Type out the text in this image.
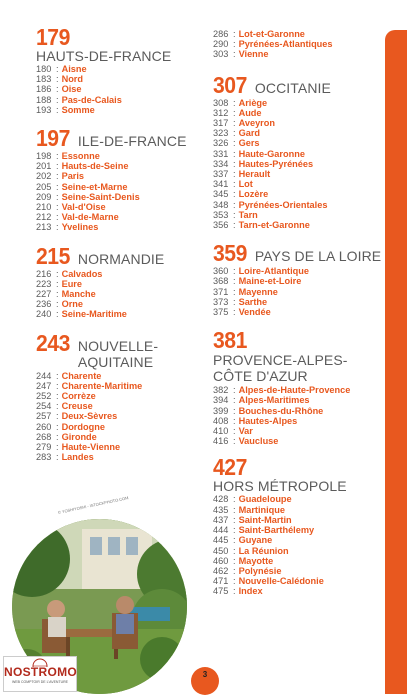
179
HAUTS-DE-FRANCE
180 : Aisne
183 : Nord
186 : Oise
188 : Pas-de-Calais
193 : Somme
197 ILE-DE-FRANCE
198 : Essonne
201 : Hauts-de-Seine
202 : Paris
205 : Seine-et-Marne
209 : Seine-Saint-Denis
210 : Val-d'Oise
212 : Val-de-Marne
213 : Yvelines
215 NORMANDIE
216 : Calvados
223 : Eure
227 : Manche
236 : Orne
240 : Seine-Maritime
243 NOUVELLE-AQUITAINE
244 : Charente
247 : Charente-Maritime
252 : Corrèze
254 : Creuse
257 : Deux-Sèvres
260 : Dordogne
268 : Gironde
279 : Haute-Vienne
283 : Landes
286 : Lot-et-Garonne
290 : Pyrénées-Atlantiques
303 : Vienne
307 OCCITANIE
308 : Ariège
312 : Aude
317 : Aveyron
323 : Gard
326 : Gers
331 : Haute-Garonne
334 : Hautes-Pyrénées
337 : Herault
341 : Lot
345 : Lozère
348 : Pyrénées-Orientales
353 : Tarn
356 : Tarn-et-Garonne
359 PAYS DE LA LOIRE
360 : Loire-Atlantique
368 : Maine-et-Loire
371 : Mayenne
373 : Sarthe
375 : Vendée
381
PROVENCE-ALPES-CÔTE D'AZUR
382 : Alpes-de-Haute-Provence
394 : Alpes-Maritimes
399 : Bouches-du-Rhône
408 : Hautes-Alpes
410 : Var
416 : Vaucluse
427
HORS MÉTROPOLE
428 : Guadeloupe
435 : Martinique
437 : Saint-Martin
444 : Saint-Barthélemy
445 : Guyane
450 : La Réunion
460 : Mayotte
462 : Polynésie
471 : Nouvelle-Calédonie
475 : Index
© YOSHIYOSHI - ISTOCKPHOTO.COM
3
NOSTROMO
WEB COMPTOIR DE L'AVENTURE
